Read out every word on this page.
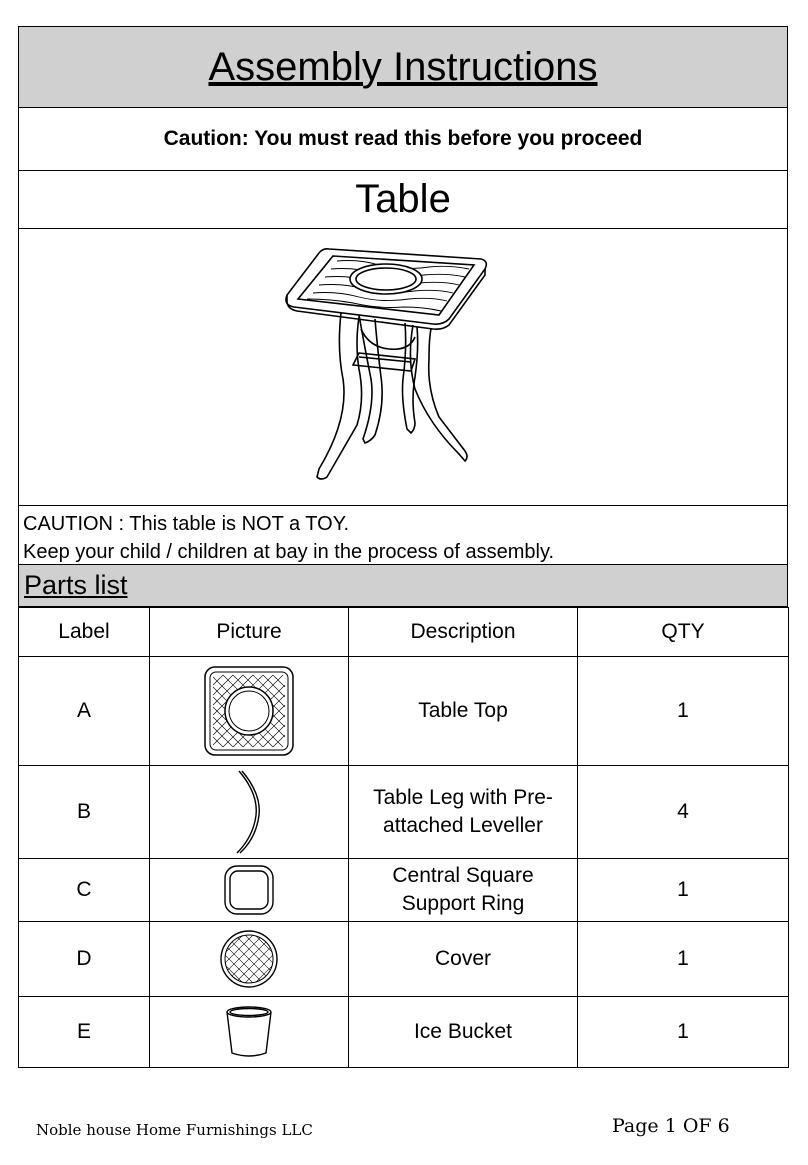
Assembly Instructions
Caution: You must read this before you proceed
Table
CAUTION : This table is NOT a TOY.
Keep your child / children at bay in the process of assembly.
Parts list
Label	Picture	Description	QTY
A		Table Top	1
B		Table Leg with Pre-
attached Leveller	4
C		Central Square
Support Ring	1
D		Cover	1
E		Ice Bucket	1
Noble house Home Furnishings LLC	Page 1 OF 6
